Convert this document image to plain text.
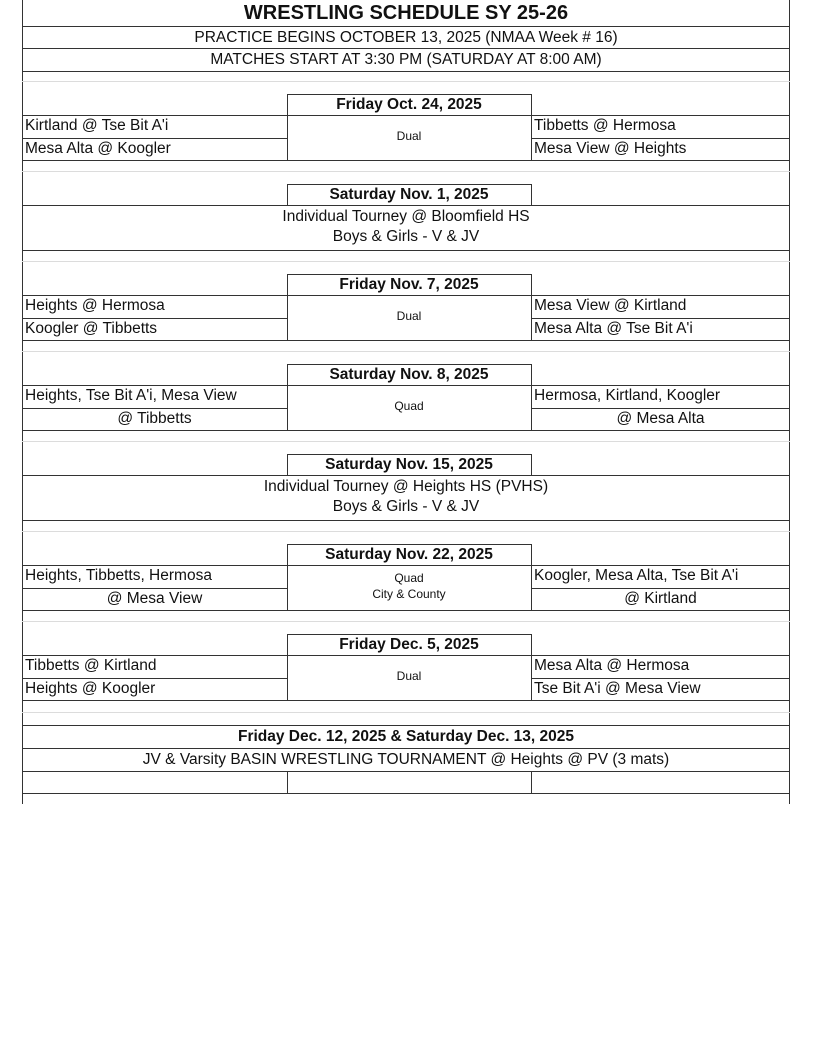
WRESTLING SCHEDULE SY 25-26
PRACTICE BEGINS OCTOBER 13, 2025 (NMAA Week # 16)
MATCHES START AT 3:30 PM (SATURDAY AT 8:00 AM)
Friday Oct. 24, 2025
Kirtland @ Tse Bit A'i	Tibbetts @ Hermosa
Mesa Alta @ Koogler	Mesa View @ Heights
Dual
Saturday Nov. 1, 2025
Individual Tourney @ Bloomfield HS
Boys & Girls - V & JV
Friday Nov. 7, 2025
Heights @ Hermosa	Mesa View @ Kirtland
Koogler @ Tibbetts	Mesa Alta @ Tse Bit A'i
Dual
Saturday Nov. 8, 2025
Heights, Tse Bit A'i, Mesa View	Hermosa, Kirtland, Koogler
@ Tibbetts	@ Mesa Alta
Quad
Saturday Nov. 15, 2025
Individual Tourney @ Heights HS (PVHS)
Boys & Girls - V & JV
Saturday Nov. 22, 2025
Heights, Tibbetts, Hermosa	Koogler, Mesa Alta, Tse Bit A'i
@ Mesa View	@ Kirtland
Quad
City & County
Friday Dec. 5, 2025
Tibbetts @ Kirtland	Mesa Alta @ Hermosa
Heights @ Koogler	Tse Bit A'i @ Mesa View
Dual
Friday Dec. 12, 2025 & Saturday Dec. 13, 2025
JV & Varsity BASIN WRESTLING TOURNAMENT @ Heights @ PV (3 mats)
